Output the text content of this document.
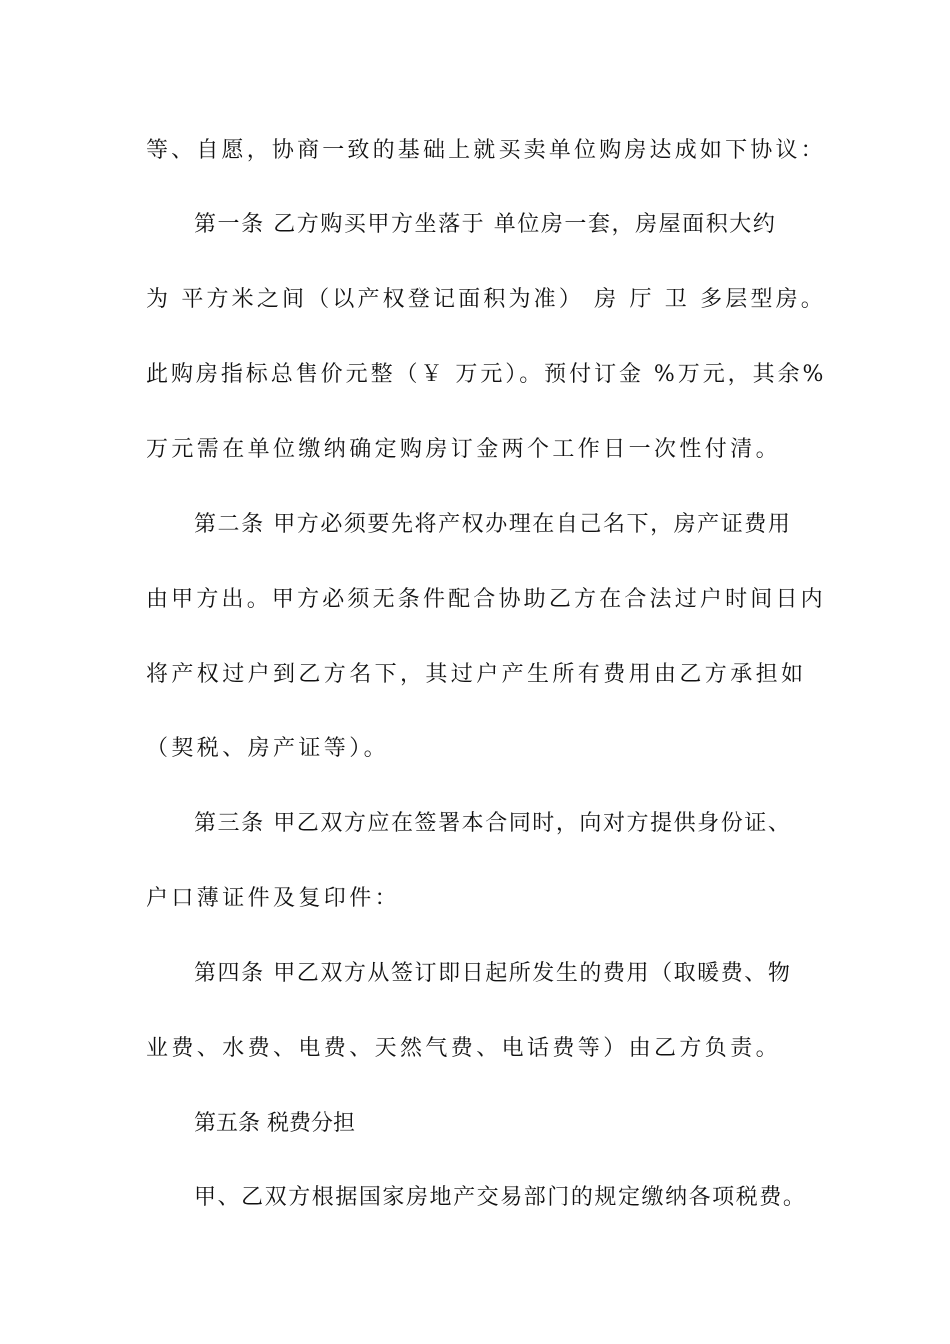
等、自愿，协商一致的基础上就买卖单位购房达成如下协议：
第一条 乙方购买甲方坐落于 单位房一套，房屋面积大约
为 平方米之间（以产权登记面积为准） 房 厅 卫 多层型房。
此购房指标总售价元整（￥ 万元）。预付订金 %万元，其余%
万元需在单位缴纳确定购房订金两个工作日一次性付清。
第二条 甲方必须要先将产权办理在自己名下，房产证费用
由甲方出。甲方必须无条件配合协助乙方在合法过户时间日内
将产权过户到乙方名下，其过户产生所有费用由乙方承担如
（契税、房产证等）。
第三条 甲乙双方应在签署本合同时，向对方提供身份证、
户口薄证件及复印件：
第四条 甲乙双方从签订即日起所发生的费用（取暖费、物
业费、水费、电费、天然气费、电话费等）由乙方负责。
第五条 税费分担
甲、乙双方根据国家房地产交易部门的规定缴纳各项税费。
